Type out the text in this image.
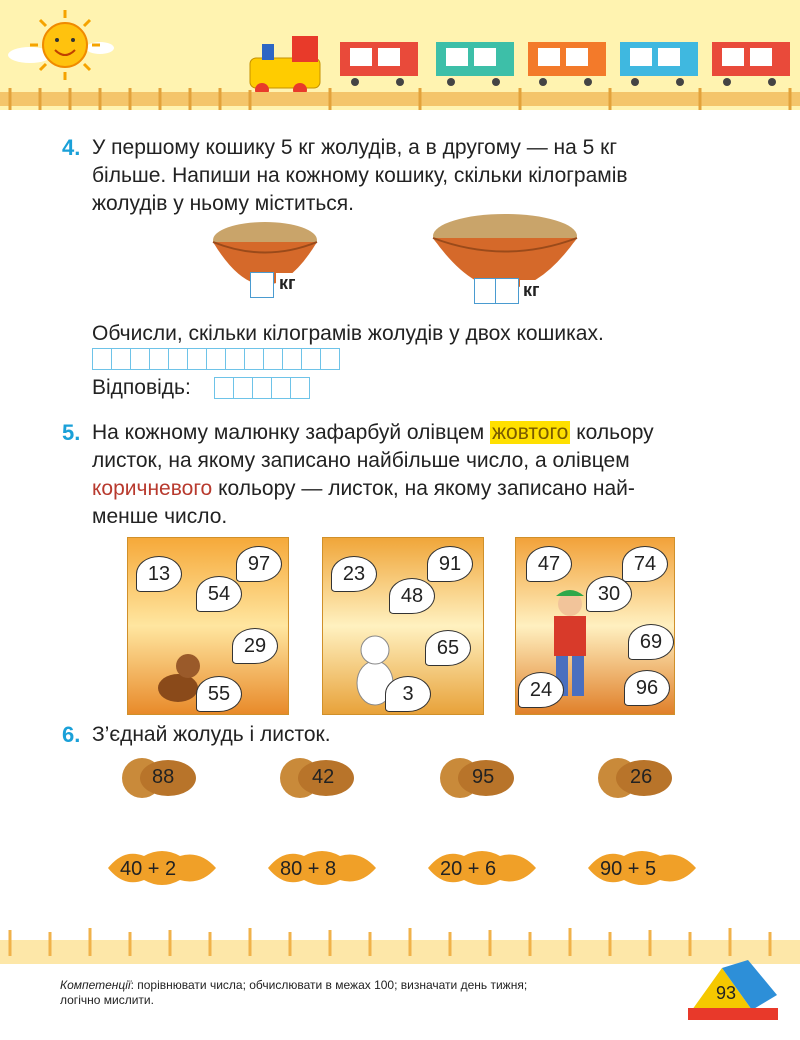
4. У першому кошику 5 кг жолудів, а в другому — на 5 кг
більше. Напиши на кожному кошику, скільки кілограмів
жолудів у ньому міститься.
кг	кг
Обчисли, скільки кілограмів жолудів у двох кошиках.
Відповідь:
5. На кожному малюнку зафарбуй олівцем жовтого кольору
листок, на якому записано найбільше число, а олівцем
коричневого кольору — листок, на якому записано най-
менше число.
13	97
54
29
55
23	91
48
65
3
47	74
30
69
24	96
6. З’єднай жолудь і листок.
88	42	95	26
40 + 2	80 + 8	20 + 6	90 + 5
Компетенції: порівнювати числа; обчислювати в межах 100; визначати день тижня;
логічно мислити.	93
